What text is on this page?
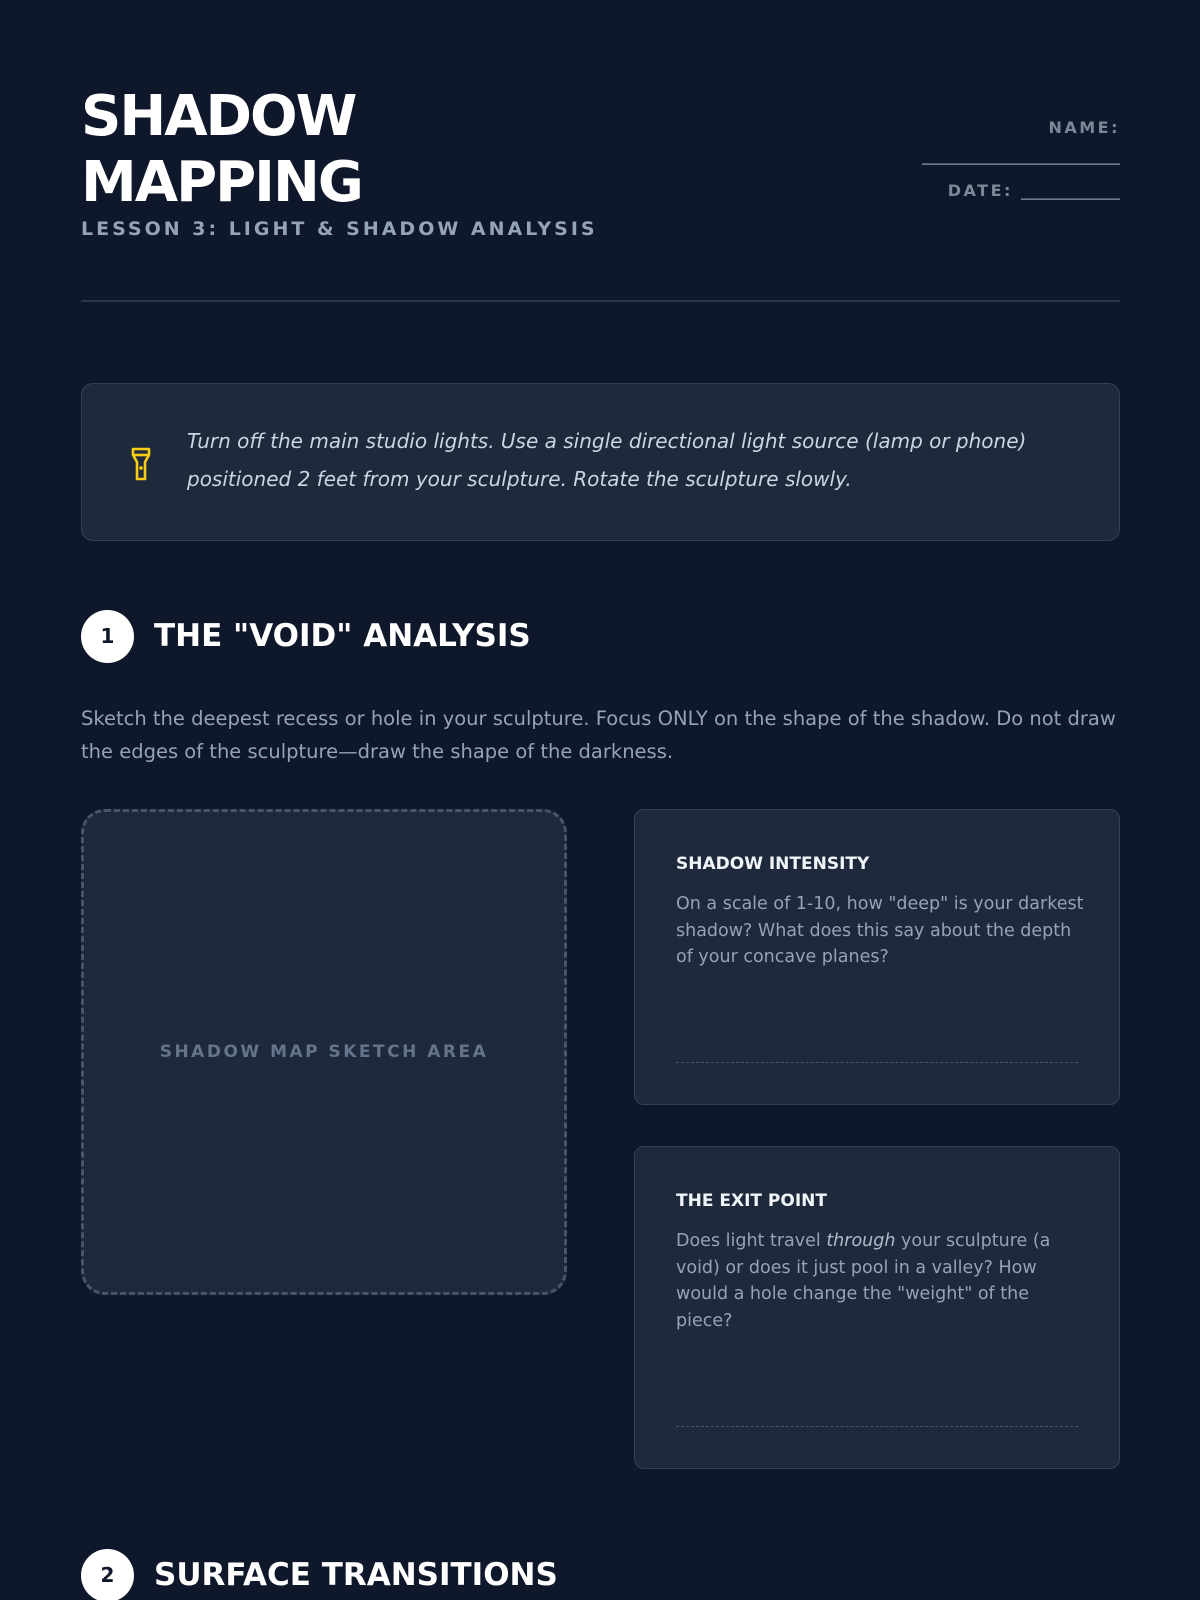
SHADOW
MAPPING
LESSON 3: LIGHT & SHADOW ANALYSIS
NAME:
______________________
DATE: ___________
Turn off the main studio lights. Use a single directional light source (lamp or phone) positioned 2 feet from your sculpture. Rotate the sculpture slowly.
1	THE "VOID" ANALYSIS
Sketch the deepest recess or hole in your sculpture. Focus ONLY on the shape of the shadow. Do not draw the edges of the sculpture—draw the shape of the darkness.
SHADOW MAP SKETCH AREA
SHADOW INTENSITY
On a scale of 1-10, how "deep" is your darkest shadow? What does this say about the depth of your concave planes?
THE EXIT POINT
Does light travel through your sculpture (a void) or does it just pool in a valley? How would a hole change the "weight" of the piece?
2	SURFACE TRANSITIONS
